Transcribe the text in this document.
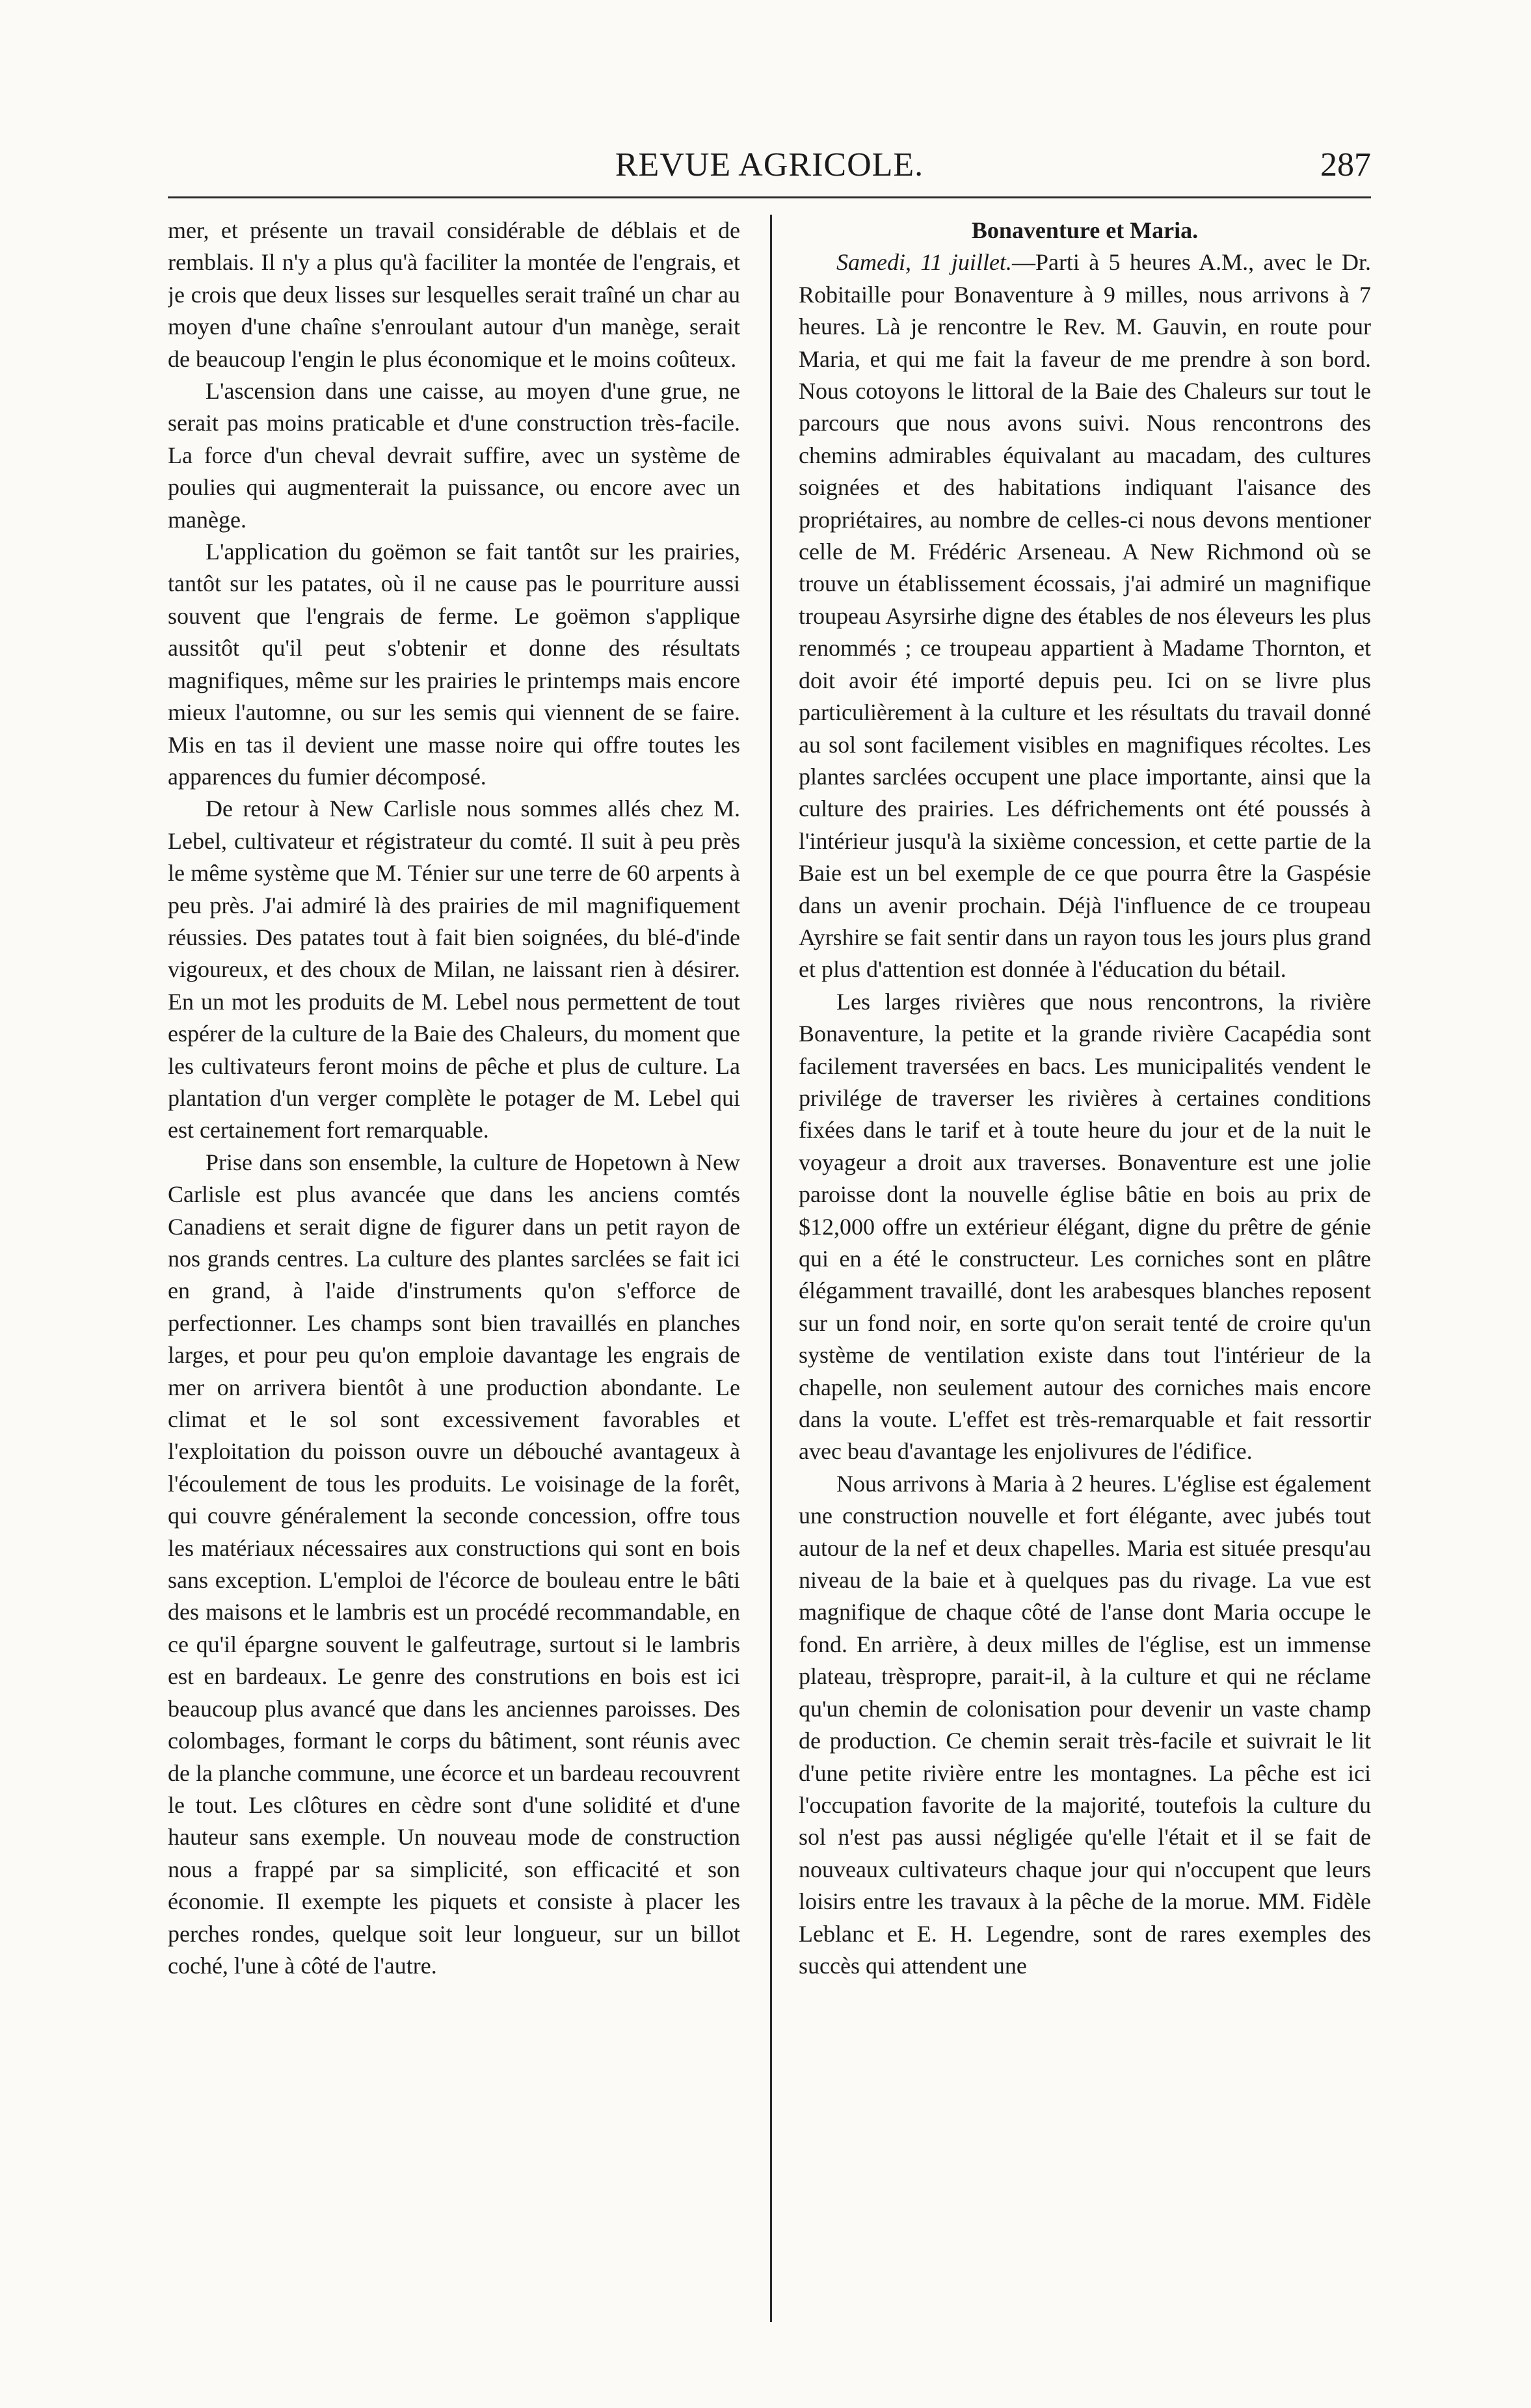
REVUE AGRICOLE.	287

mer, et présente un travail considérable de déblais et de remblais. Il n'y a plus qu'à faciliter la montée de l'engrais, et je crois que deux lisses sur lesquelles serait traîné un char au moyen d'une chaîne s'enroulant autour d'un manège, serait de beaucoup l'engin le plus économique et le moins coûteux.

L'ascension dans une caisse, au moyen d'une grue, ne serait pas moins praticable et d'une construction très-facile. La force d'un cheval devrait suffire, avec un système de poulies qui augmenterait la puissance, ou encore avec un manège.

L'application du goëmon se fait tantôt sur les prairies, tantôt sur les patates, où il ne cause pas le pourriture aussi souvent que l'engrais de ferme. Le goëmon s'applique aussitôt qu'il peut s'obtenir et donne des résultats magnifiques, même sur les prairies le printemps mais encore mieux l'automne, ou sur les semis qui viennent de se faire. Mis en tas il devient une masse noire qui offre toutes les apparences du fumier décomposé.

De retour à New Carlisle nous sommes allés chez M. Lebel, cultivateur et régistrateur du comté. Il suit à peu près le même système que M. Ténier sur une terre de 60 arpents à peu près. J'ai admiré là des prairies de mil magnifiquement réussies. Des patates tout à fait bien soignées, du blé-d'inde vigoureux, et des choux de Milan, ne laissant rien à désirer. En un mot les produits de M. Lebel nous permettent de tout espérer de la culture de la Baie des Chaleurs, du moment que les cultivateurs feront moins de pêche et plus de culture. La plantation d'un verger complète le potager de M. Lebel qui est certainement fort remarquable.

Prise dans son ensemble, la culture de Hopetown à New Carlisle est plus avancée que dans les anciens comtés Canadiens et serait digne de figurer dans un petit rayon de nos grands centres. La culture des plantes sarclées se fait ici en grand, à l'aide d'instruments qu'on s'efforce de perfectionner. Les champs sont bien travaillés en planches larges, et pour peu qu'on emploie davantage les engrais de mer on arrivera bientôt à une production abondante. Le climat et le sol sont excessivement favorables et l'exploitation du poisson ouvre un débouché avantageux à l'écoulement de tous les produits. Le voisinage de la forêt, qui couvre généralement la seconde concession, offre tous les matériaux nécessaires aux constructions qui sont en bois sans exception. L'emploi de l'écorce de bouleau entre le bâti des maisons et le lambris est un procédé recommandable, en ce qu'il épargne souvent le galfeutrage, surtout si le lambris est en bardeaux. Le genre des construtions en bois est ici beaucoup plus avancé que dans les anciennes paroisses. Des colombages, formant le corps du bâtiment, sont réunis avec de la planche commune, une écorce et un bardeau recouvrent le tout. Les clôtures en cèdre sont d'une solidité et d'une hauteur sans exemple. Un nouveau mode de construction nous a frappé par sa simplicité, son efficacité et son économie. Il exempte les piquets et consiste à placer les perches rondes, quelque soit leur longueur, sur un billot coché, l'une à côté de l'autre.

Bonaventure et Maria.

Samedi, 11 juillet.—Parti à 5 heures A.M., avec le Dr. Robitaille pour Bonaventure à 9 milles, nous arrivons à 7 heures. Là je rencontre le Rev. M. Gauvin, en route pour Maria, et qui me fait la faveur de me prendre à son bord. Nous cotoyons le littoral de la Baie des Chaleurs sur tout le parcours que nous avons suivi. Nous rencontrons des chemins admirables équivalant au macadam, des cultures soignées et des habitations indiquant l'aisance des propriétaires, au nombre de celles-ci nous devons mentioner celle de M. Frédéric Arseneau. A New Richmond où se trouve un établissement écossais, j'ai admiré un magnifique troupeau Asyrsirhe digne des étables de nos éleveurs les plus renommés ; ce troupeau appartient à Madame Thornton, et doit avoir été importé depuis peu. Ici on se livre plus particulièrement à la culture et les résultats du travail donné au sol sont facilement visibles en magnifiques récoltes. Les plantes sarclées occupent une place importante, ainsi que la culture des prairies. Les défrichements ont été poussés à l'intérieur jusqu'à la sixième concession, et cette partie de la Baie est un bel exemple de ce que pourra être la Gaspésie dans un avenir prochain. Déjà l'influence de ce troupeau Ayrshire se fait sentir dans un rayon tous les jours plus grand et plus d'attention est donnée à l'éducation du bétail.

Les larges rivières que nous rencontrons, la rivière Bonaventure, la petite et la grande rivière Cacapédia sont facilement traversées en bacs. Les municipalités vendent le privilége de traverser les rivières à certaines conditions fixées dans le tarif et à toute heure du jour et de la nuit le voyageur a droit aux traverses. Bonaventure est une jolie paroisse dont la nouvelle église bâtie en bois au prix de $12,000 offre un extérieur élégant, digne du prêtre de génie qui en a été le constructeur. Les corniches sont en plâtre élégamment travaillé, dont les arabesques blanches reposent sur un fond noir, en sorte qu'on serait tenté de croire qu'un système de ventilation existe dans tout l'intérieur de la chapelle, non seulement autour des corniches mais encore dans la voute. L'effet est très-remarquable et fait ressortir avec beau d'avantage les enjolivures de l'édifice.

Nous arrivons à Maria à 2 heures. L'église est également une construction nouvelle et fort élégante, avec jubés tout autour de la nef et deux chapelles. Maria est située presqu'au niveau de la baie et à quelques pas du rivage. La vue est magnifique de chaque côté de l'anse dont Maria occupe le fond. En arrière, à deux milles de l'église, est un immense plateau, trèspropre, parait-il, à la culture et qui ne réclame qu'un chemin de colonisation pour devenir un vaste champ de production. Ce chemin serait très-facile et suivrait le lit d'une petite rivière entre les montagnes. La pêche est ici l'occupation favorite de la majorité, toutefois la culture du sol n'est pas aussi négligée qu'elle l'était et il se fait de nouveaux cultivateurs chaque jour qui n'occupent que leurs loisirs entre les travaux à la pêche de la morue. MM. Fidèle Leblanc et E. H. Legendre, sont de rares exemples des succès qui attendent une
